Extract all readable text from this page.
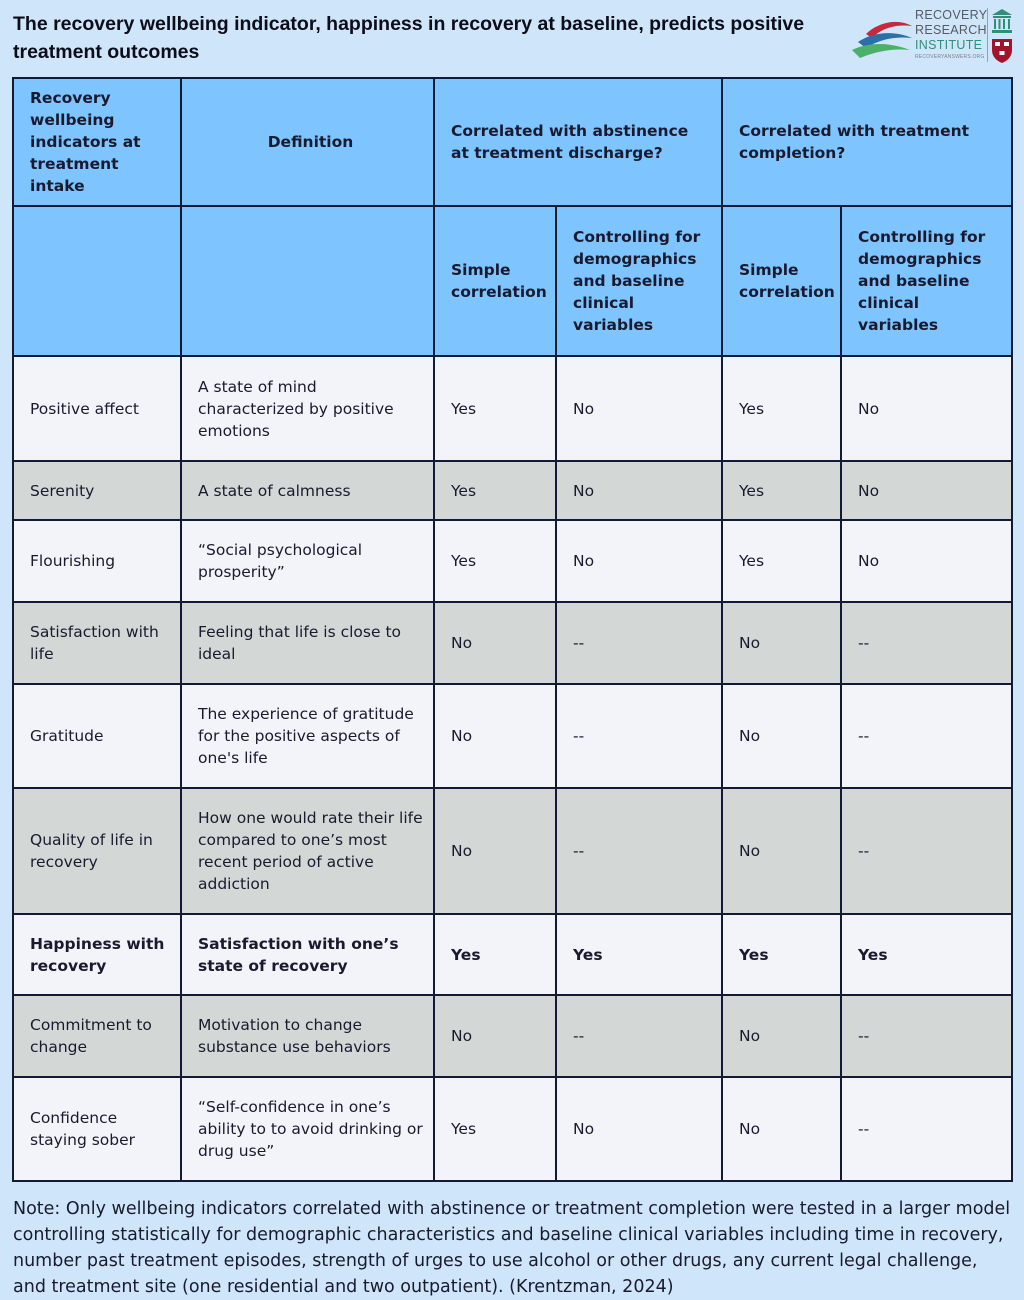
The recovery wellbeing indicator, happiness in recovery at baseline, predicts positive treatment outcomes
RECOVERY
RESEARCH
INSTITUTE
RECOVERYANSWERS.ORG
Recovery wellbeing indicators at treatment intake	Definition	Correlated with abstinence at treatment discharge?		Correlated with treatment completion?	
		Simple correlation	Controlling for demographics and baseline clinical variables	Simple correlation	Controlling for demographics and baseline clinical variables
Positive affect	A state of mind characterized by positive emotions	Yes	No	Yes	No
Serenity	A state of calmness	Yes	No	Yes	No
Flourishing	“Social psychological prosperity”	Yes	No	Yes	No
Satisfaction with life	Feeling that life is close to ideal	No	--	No	--
Gratitude	The experience of gratitude for the positive aspects of one's life	No	--	No	--
Quality of life in recovery	How one would rate their life compared to one’s most recent period of active addiction	No	--	No	--
Happiness with recovery	Satisfaction with one’s state of recovery	Yes	Yes	Yes	Yes
Commitment to change	Motivation to change substance use behaviors	No	--	No	--
Confidence staying sober	“Self-confidence in one’s ability to to avoid drinking or drug use”	Yes	No	No	--
Note: Only wellbeing indicators correlated with abstinence or treatment completion were tested in a larger model controlling statistically for demographic characteristics and baseline clinical variables including time in recovery, number past treatment episodes, strength of urges to use alcohol or other drugs, any current legal challenge, and treatment site (one residential and two outpatient). (Krentzman, 2024)
